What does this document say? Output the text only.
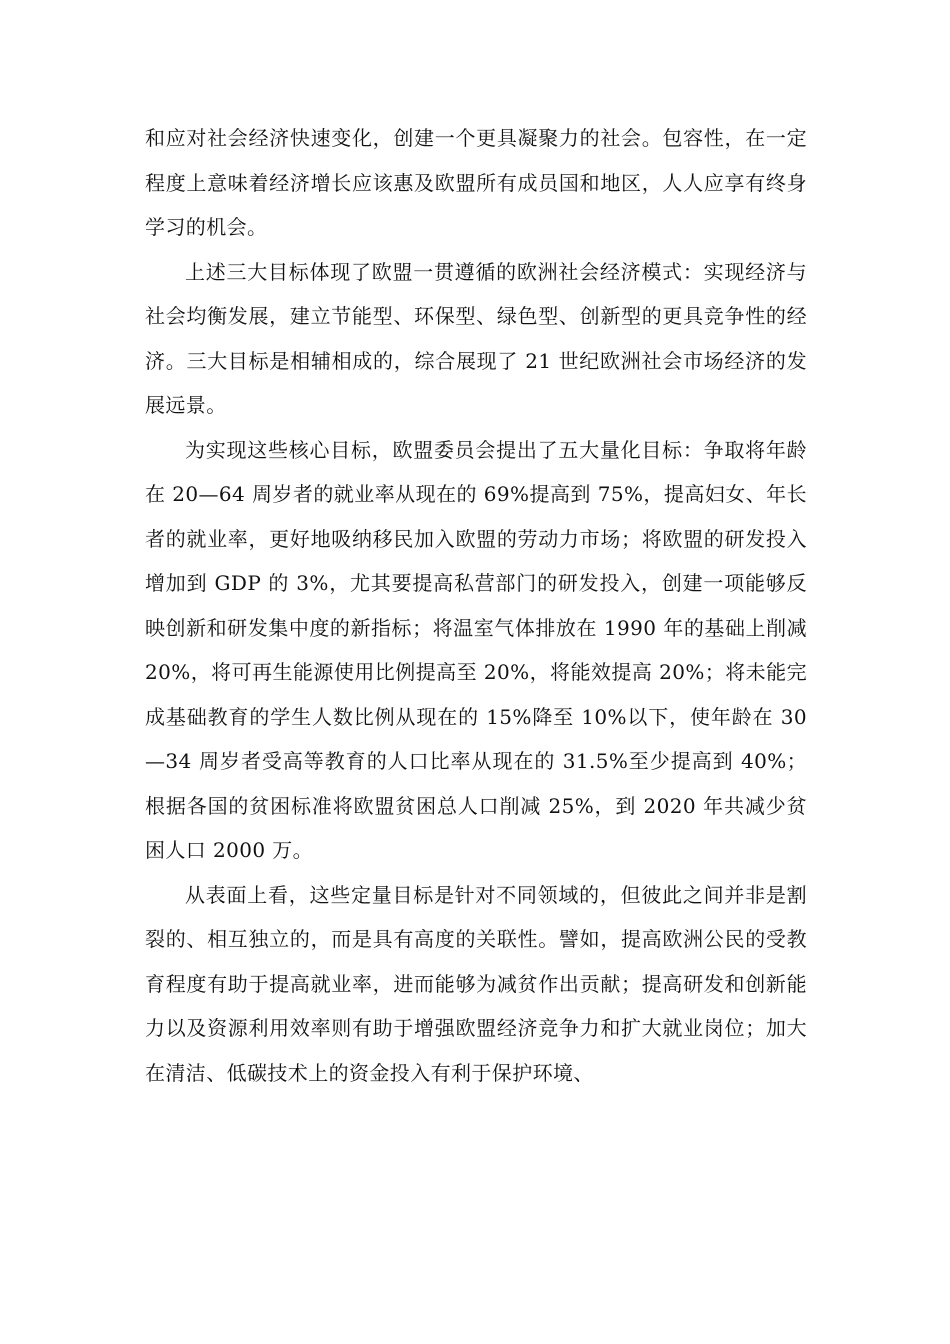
和应对社会经济快速变化，创建一个更具凝聚力的社会。包容性，在一定程度上意味着经济增长应该惠及欧盟所有成员国和地区，人人应享有终身学习的机会。

上述三大目标体现了欧盟一贯遵循的欧洲社会经济模式：实现经济与社会均衡发展，建立节能型、环保型、绿色型、创新型的更具竞争性的经济。三大目标是相辅相成的，综合展现了 21 世纪欧洲社会市场经济的发展远景。

为实现这些核心目标，欧盟委员会提出了五大量化目标：争取将年龄在 20—64 周岁者的就业率从现在的 69%提高到 75%，提高妇女、年长者的就业率，更好地吸纳移民加入欧盟的劳动力市场；将欧盟的研发投入增加到 GDP 的 3%，尤其要提高私营部门的研发投入，创建一项能够反映创新和研发集中度的新指标；将温室气体排放在 1990 年的基础上削减 20%，将可再生能源使用比例提高至 20%，将能效提高 20%；将未能完成基础教育的学生人数比例从现在的 15%降至 10%以下，使年龄在 30—34 周岁者受高等教育的人口比率从现在的 31.5%至少提高到 40%；根据各国的贫困标准将欧盟贫困总人口削减 25%，到 2020 年共减少贫困人口 2000 万。

从表面上看，这些定量目标是针对不同领域的，但彼此之间并非是割裂的、相互独立的，而是具有高度的关联性。譬如，提高欧洲公民的受教育程度有助于提高就业率，进而能够为减贫作出贡献；提高研发和创新能力以及资源利用效率则有助于增强欧盟经济竞争力和扩大就业岗位；加大在清洁、低碳技术上的资金投入有利于保护环境、
